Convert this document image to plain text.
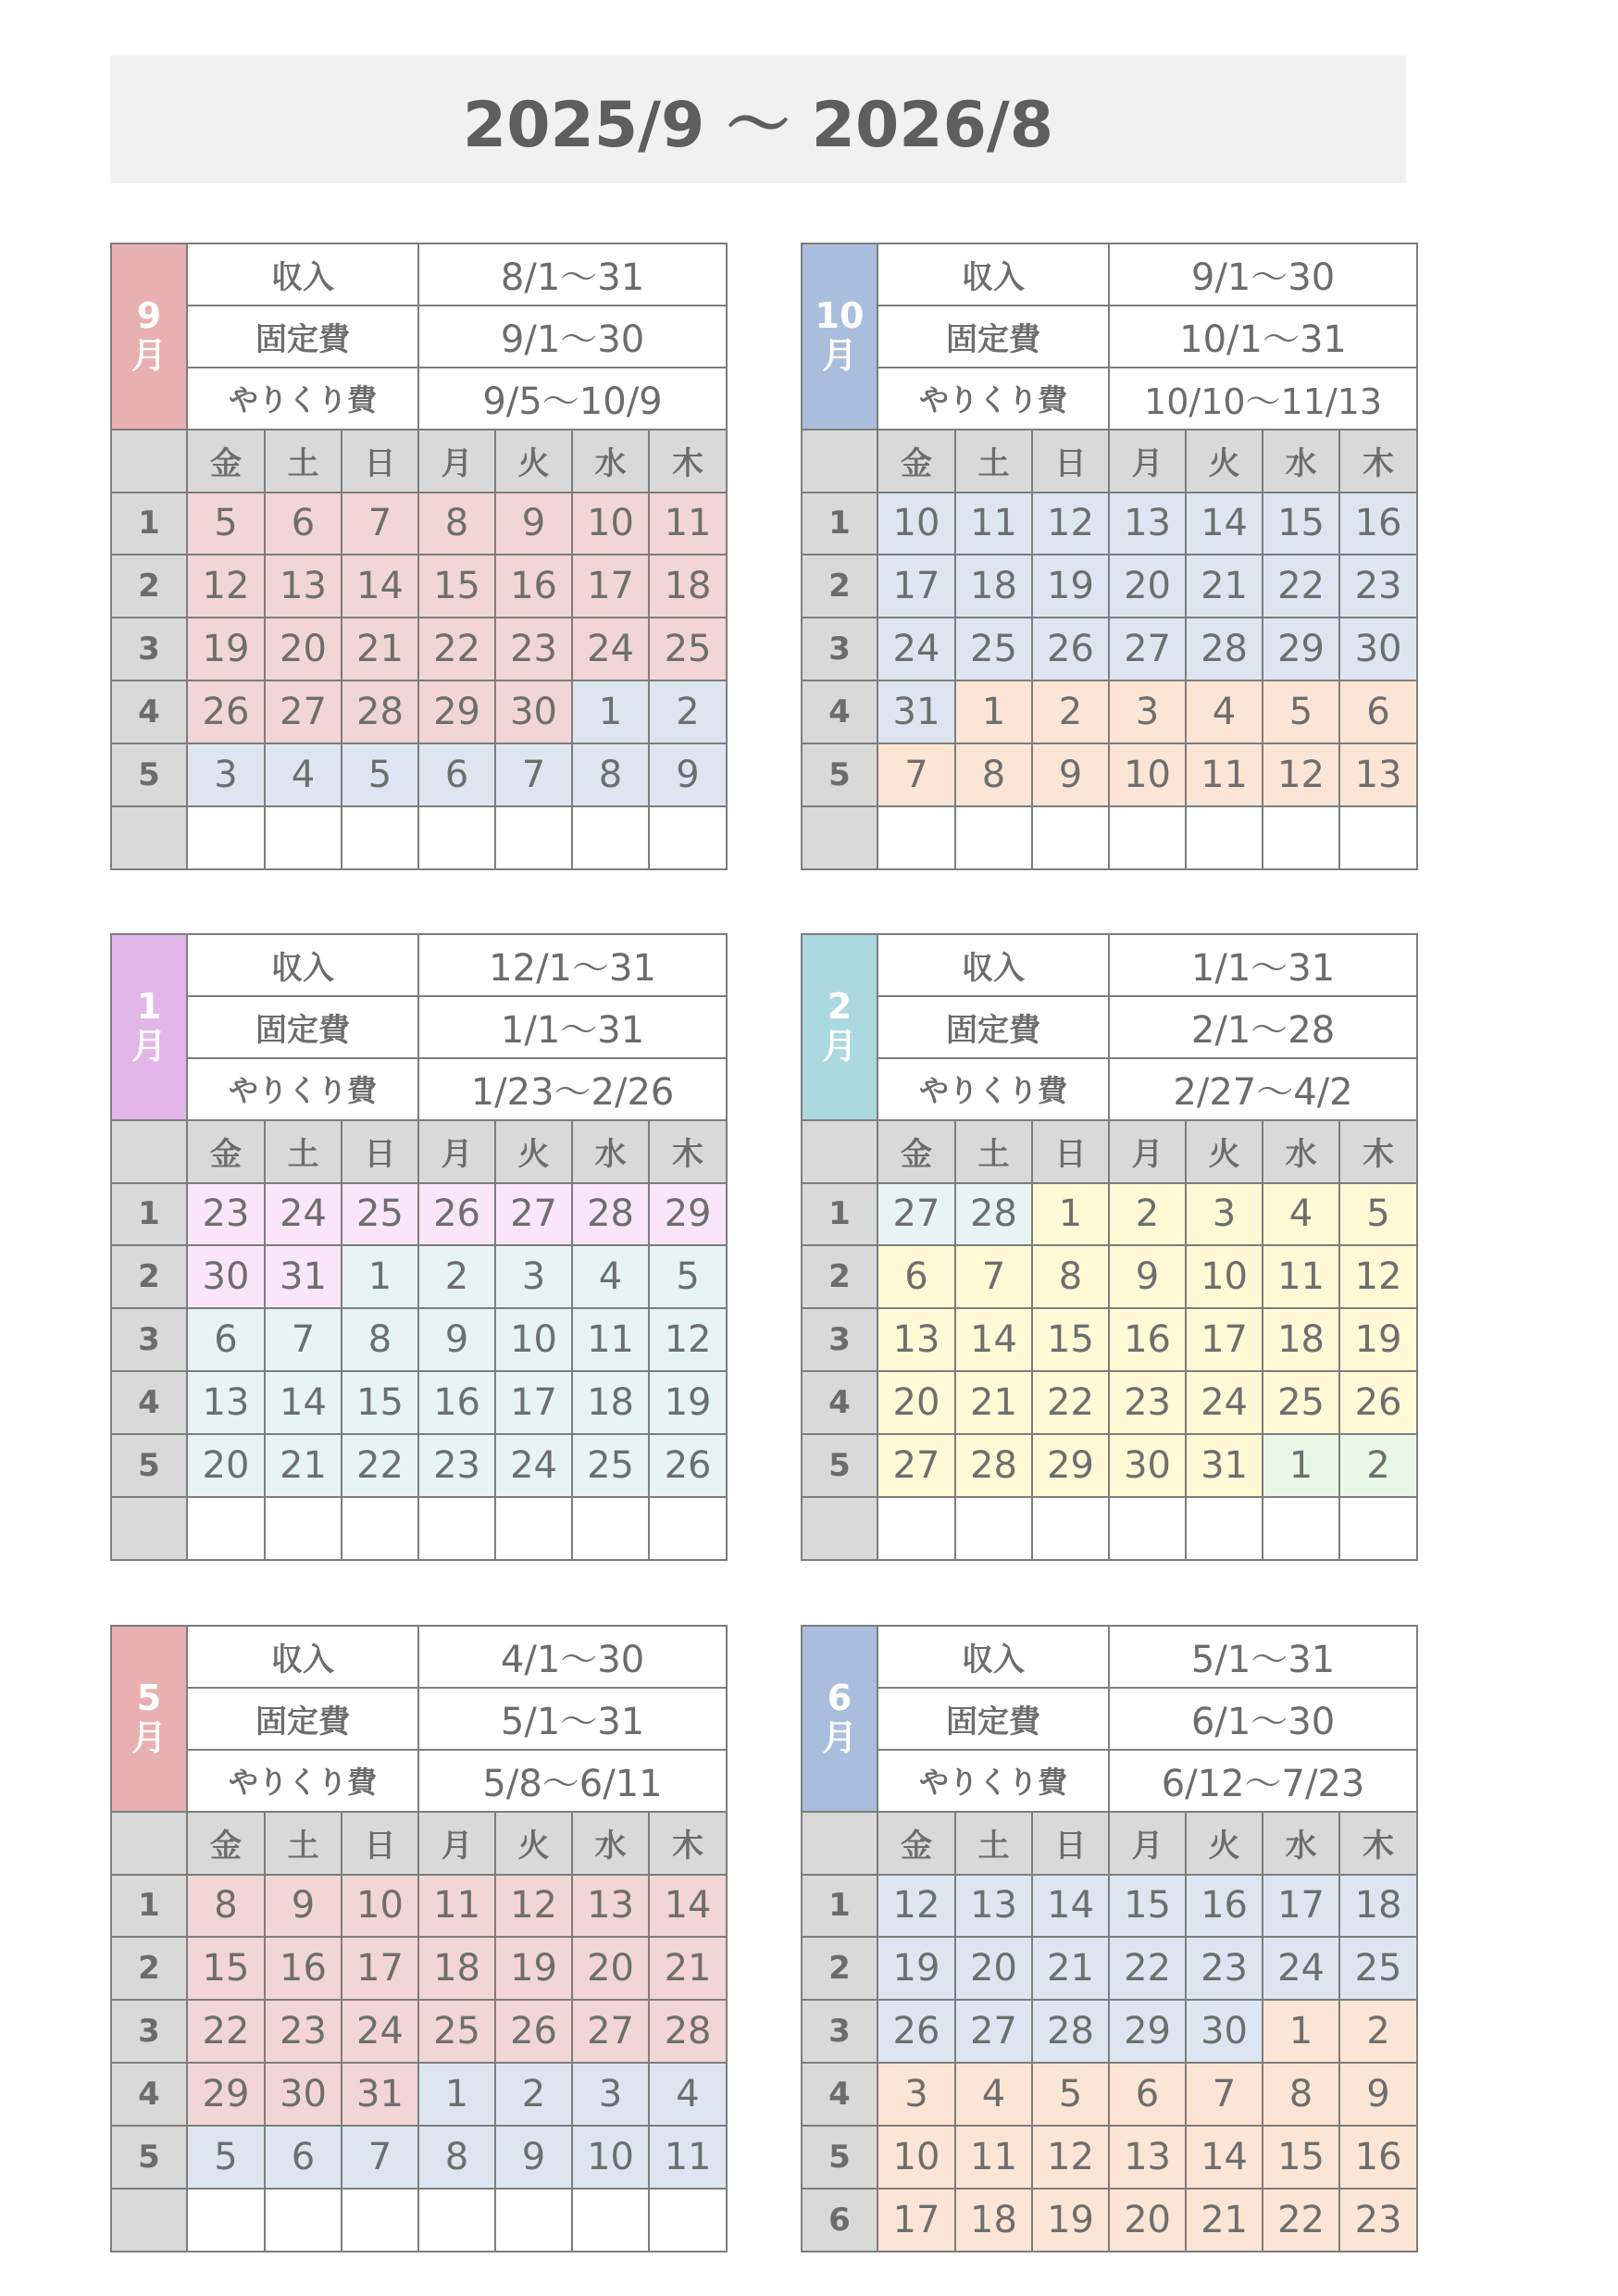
2025/9 〜 2026/8
9
月	収入			8/1〜31			
	固定費			9/1〜30			
	やりくり費			9/5〜10/9			
	金	土	日	月	火	水	木
1	5	6	7	8	9	10	11
2	12	13	14	15	16	17	18
3	19	20	21	22	23	24	25
4	26	27	28	29	30	1	2
5	3	4	5	6	7	8	9

10
月	収入			9/1〜30			
	固定費			10/1〜31			
	やりくり費			10/10〜11/13			
	金	土	日	月	火	水	木
1	10	11	12	13	14	15	16
2	17	18	19	20	21	22	23
3	24	25	26	27	28	29	30
4	31	1	2	3	4	5	6
5	7	8	9	10	11	12	13

1
月	収入			12/1〜31			
	固定費			1/1〜31			
	やりくり費			1/23〜2/26			
	金	土	日	月	火	水	木
1	23	24	25	26	27	28	29
2	30	31	1	2	3	4	5
3	6	7	8	9	10	11	12
4	13	14	15	16	17	18	19
5	20	21	22	23	24	25	26

2
月	収入			1/1〜31			
	固定費			2/1〜28			
	やりくり費			2/27〜4/2			
	金	土	日	月	火	水	木
1	27	28	1	2	3	4	5
2	6	7	8	9	10	11	12
3	13	14	15	16	17	18	19
4	20	21	22	23	24	25	26
5	27	28	29	30	31	1	2

5
月	収入			4/1〜30			
	固定費			5/1〜31			
	やりくり費			5/8〜6/11			
	金	土	日	月	火	水	木
1	8	9	10	11	12	13	14
2	15	16	17	18	19	20	21
3	22	23	24	25	26	27	28
4	29	30	31	1	2	3	4
5	5	6	7	8	9	10	11

6
月	収入			5/1〜31			
	固定費			6/1〜30			
	やりくり費			6/12〜7/23			
	金	土	日	月	火	水	木
1	12	13	14	15	16	17	18
2	19	20	21	22	23	24	25
3	26	27	28	29	30	1	2
4	3	4	5	6	7	8	9
5	10	11	12	13	14	15	16
6	17	18	19	20	21	22	23
